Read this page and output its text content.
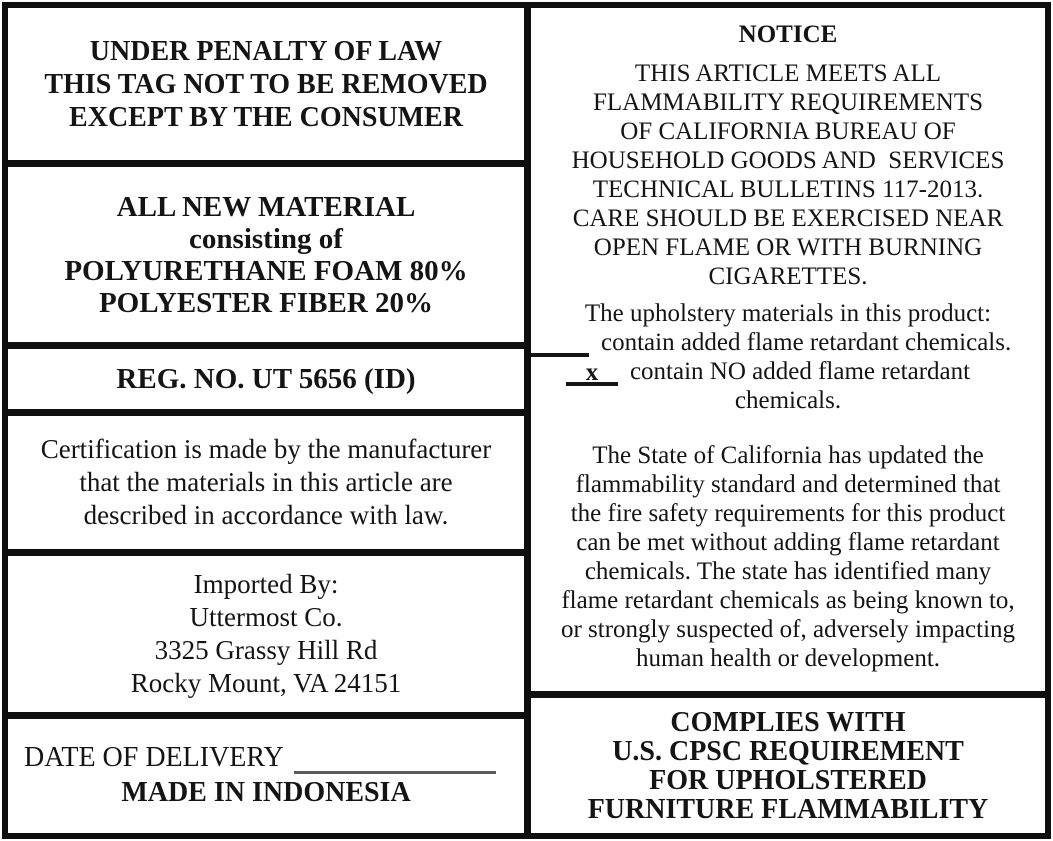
UNDER PENALTY OF LAW
THIS TAG NOT TO BE REMOVED
EXCEPT BY THE CONSUMER
ALL NEW MATERIAL
consisting of
POLYURETHANE FOAM 80%
POLYESTER FIBER 20%
REG. NO. UT 5656 (ID)
Certification is made by the manufacturer
that the materials in this article are
described in accordance with law.
Imported By:
Uttermost Co.
3325 Grassy Hill Rd
Rocky Mount, VA 24151
DATE OF DELIVERY
MADE IN INDONESIA
NOTICE
THIS ARTICLE MEETS ALL
FLAMMABILITY REQUIREMENTS
OF CALIFORNIA BUREAU OF
HOUSEHOLD GOODS AND  SERVICES
TECHNICAL BULLETINS 117-2013.
CARE SHOULD BE EXERCISED NEAR
OPEN FLAME OR WITH BURNING
CIGARETTES.
The upholstery materials in this product:
contain added flame retardant chemicals.
x	contain NO added flame retardant
chemicals.
The State of California has updated the
flammability standard and determined that
the fire safety requirements for this product
can be met without adding flame retardant
chemicals. The state has identified many
flame retardant chemicals as being known to,
or strongly suspected of, adversely impacting
human health or development.
COMPLIES WITH
U.S. CPSC REQUIREMENT
FOR UPHOLSTERED
FURNITURE FLAMMABILITY
